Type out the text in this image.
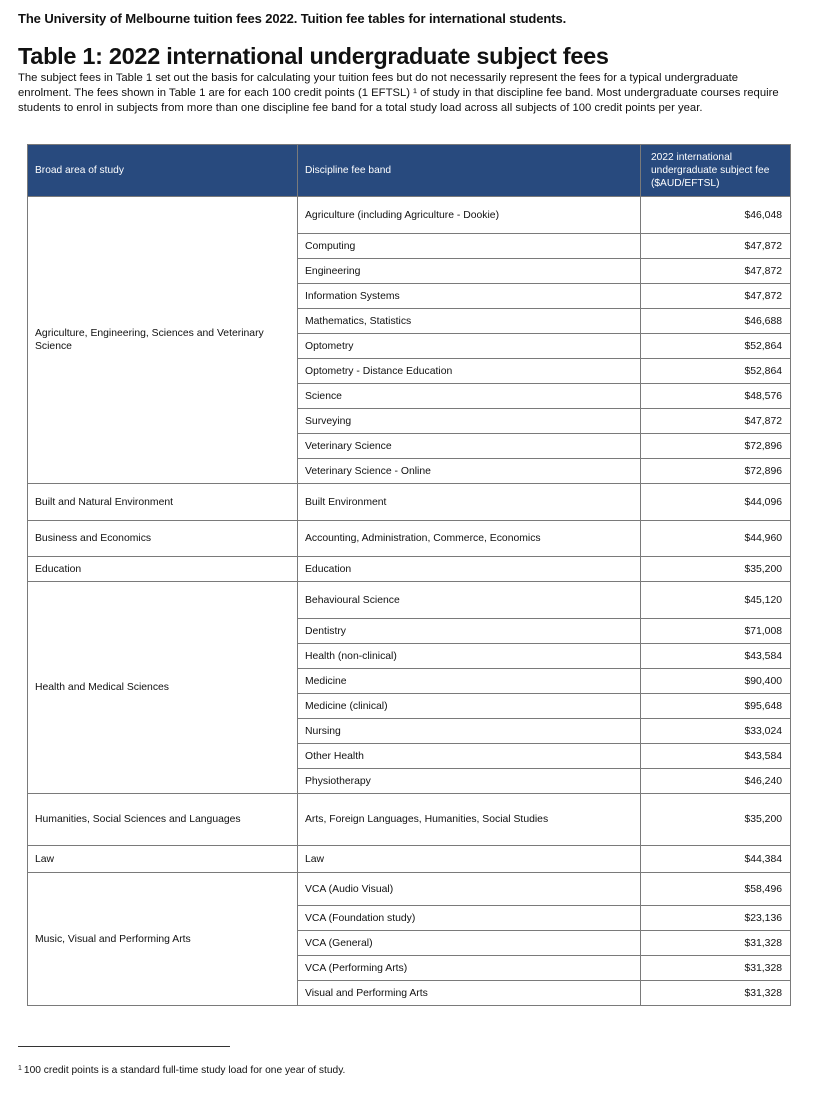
The University of Melbourne tuition fees 2022. Tuition fee tables for international students.
Table 1: 2022 international undergraduate subject fees

The subject fees in Table 1 set out the basis for calculating your tuition fees but do not necessarily represent the fees for a typical undergraduate enrolment. The fees shown in Table 1 are for each 100 credit points (1 EFTSL) ¹ of study in that discipline fee band. Most undergraduate courses require students to enrol in subjects from more than one discipline fee band for a total study load across all subjects of 100 credit points per year.

Broad area of study	Discipline fee band	2022 international
undergraduate subject fee
($AUD/EFTSL)
Agriculture, Engineering, Sciences and Veterinary Science	Agriculture (including Agriculture - Dookie)	$46,048
	Computing	$47,872
	Engineering	$47,872
	Information Systems	$47,872
	Mathematics, Statistics	$46,688
	Optometry	$52,864
	Optometry - Distance Education	$52,864
	Science	$48,576
	Surveying	$47,872
	Veterinary Science	$72,896
	Veterinary Science - Online	$72,896
Built and Natural Environment	Built Environment	$44,096
Business and Economics	Accounting, Administration, Commerce, Economics	$44,960
Education	Education	$35,200
Health and Medical Sciences	Behavioural Science	$45,120
	Dentistry	$71,008
	Health (non-clinical)	$43,584
	Medicine	$90,400
	Medicine (clinical)	$95,648
	Nursing	$33,024
	Other Health	$43,584
	Physiotherapy	$46,240
Humanities, Social Sciences and Languages	Arts, Foreign Languages, Humanities, Social Studies	$35,200
Law	Law	$44,384
Music, Visual and Performing Arts	VCA (Audio Visual)	$58,496
	VCA (Foundation study)	$23,136
	VCA (General)	$31,328
	VCA (Performing Arts)	$31,328
	Visual and Performing Arts	$31,328
$^1$ 100 credit points is a standard full-time study load for one year of study.
